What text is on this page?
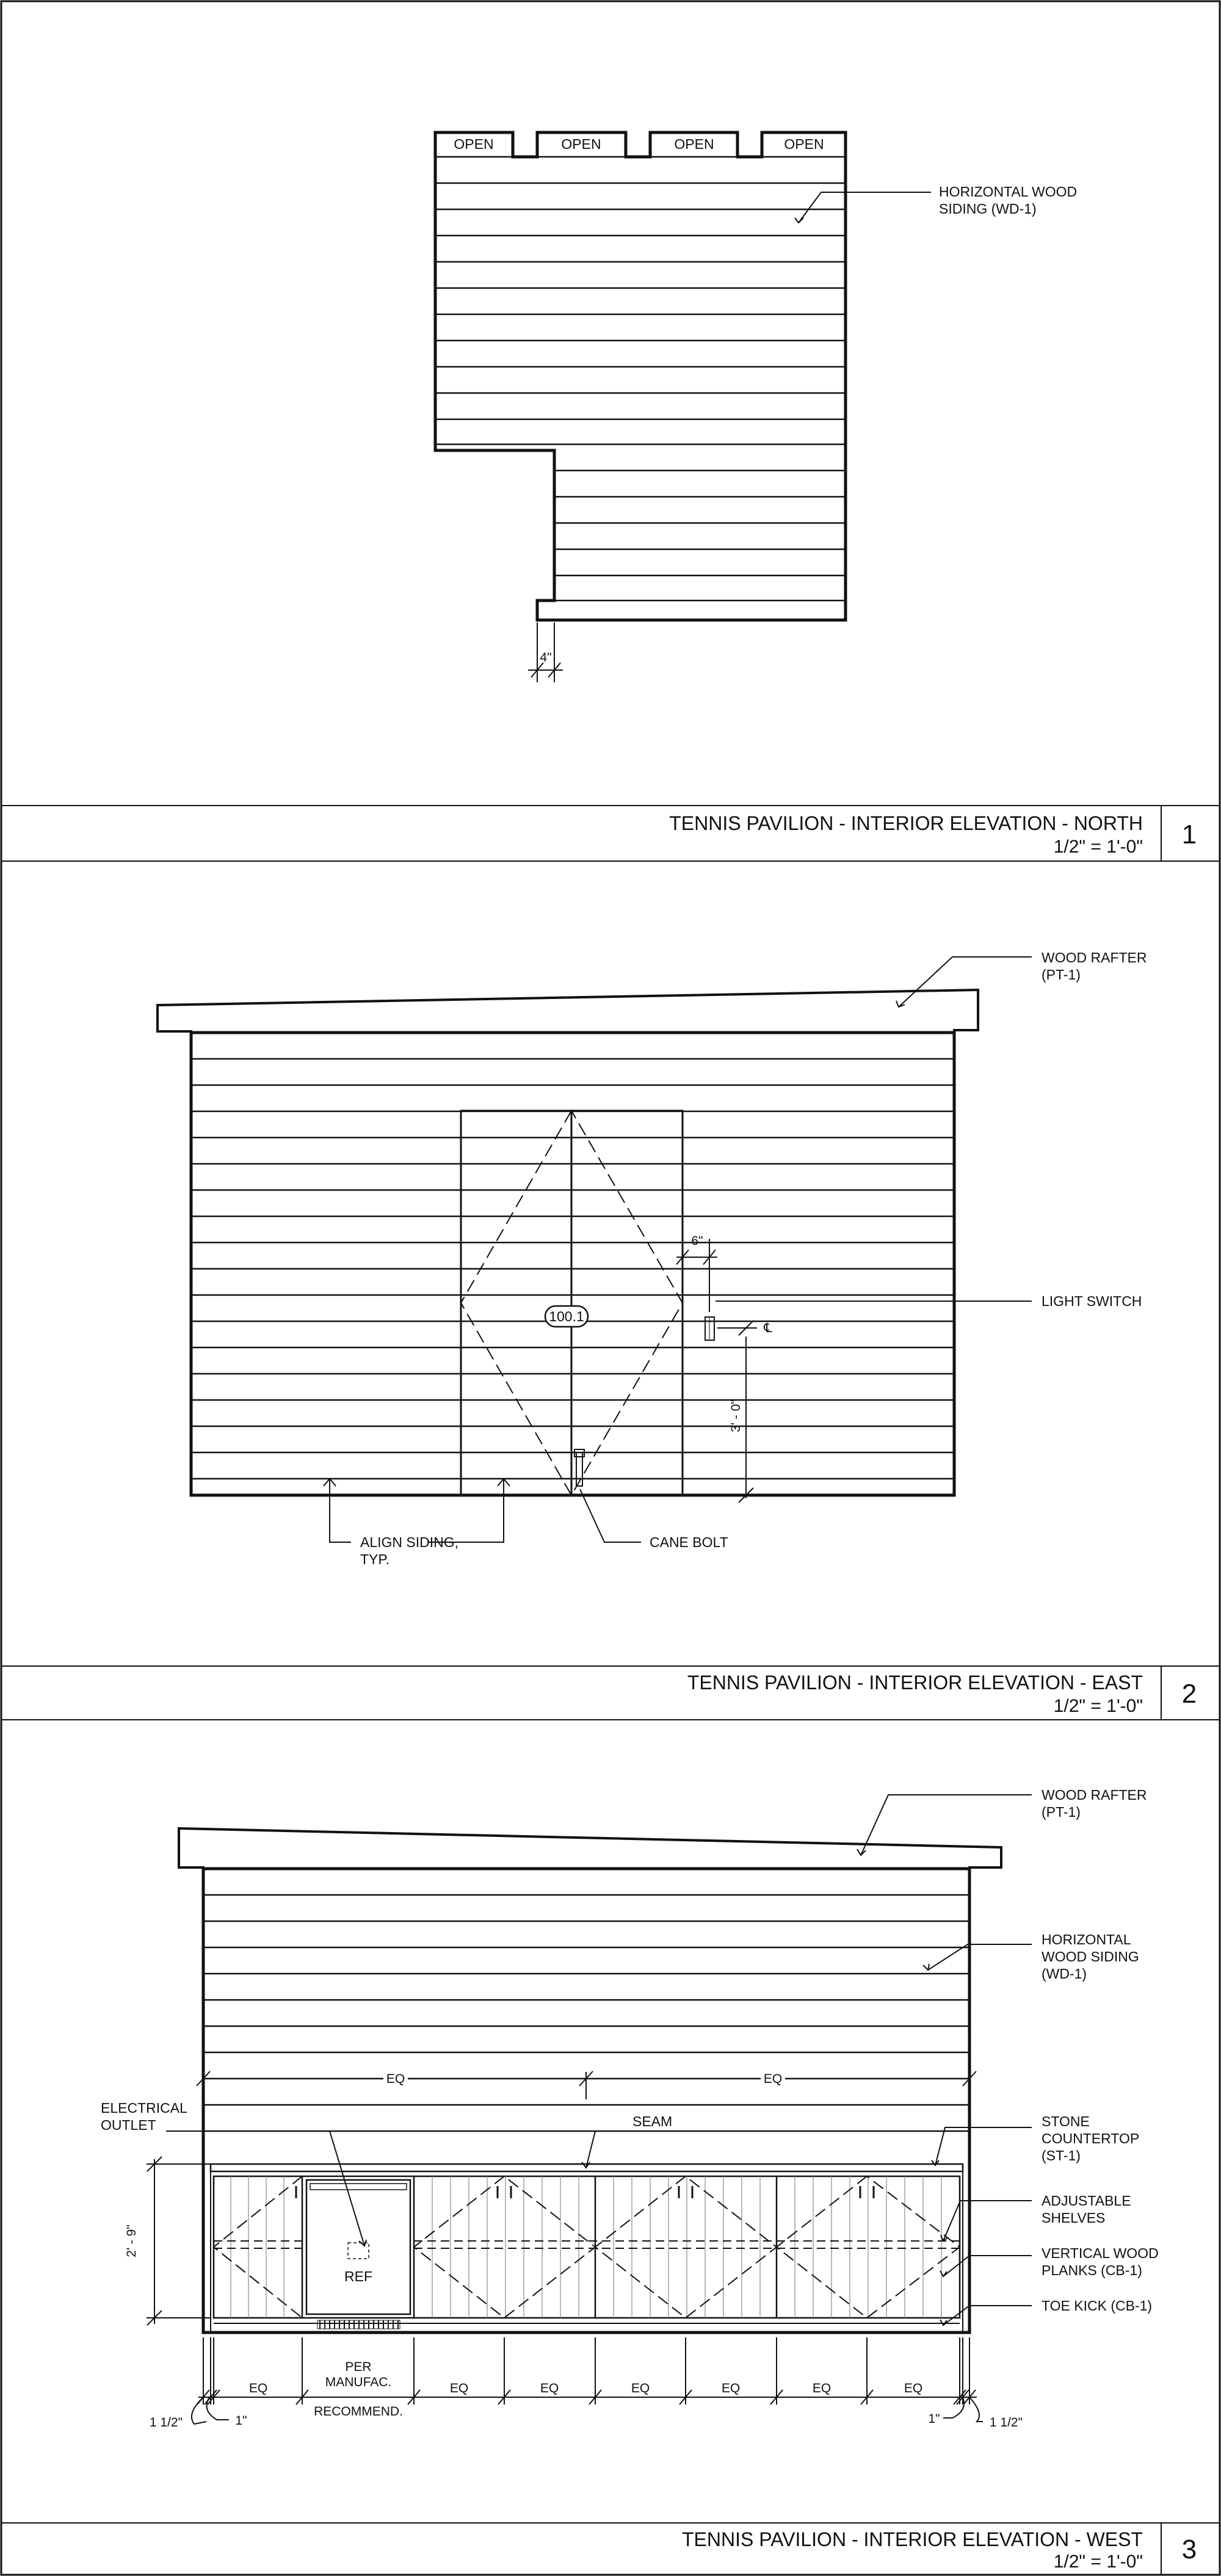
OPEN	OPEN	OPEN	OPEN
HORIZONTAL WOOD
SIDING (WD-1)
4"
TENNIS PAVILION - INTERIOR ELEVATION - NORTH
1/2" = 1'-0" 1
100.1
6"
3' - 0"
℄
WOOD RAFTER
(PT-1)
LIGHT SWITCH
ALIGN SIDING,
TYP.
CANE BOLT
TENNIS PAVILION - INTERIOR ELEVATION - EAST
1/2" = 1'-0" 2
EQ	EQ
REF
2' - 9"
EQ
PER
MANUFAC.
RECOMMEND.
EQ	EQ	EQ	EQ	EQ	EQ
1 1/2"	1"	1"	1 1/2"
WOOD RAFTER
(PT-1)
HORIZONTAL
WOOD SIDING
(WD-1)
ELECTRICAL
OUTLET	SEAM	STONE
COUNTERTOP
(ST-1)
ADJUSTABLE
SHELVES
VERTICAL WOOD
PLANKS (CB-1)
TOE KICK (CB-1)
TENNIS PAVILION - INTERIOR ELEVATION - WEST
1/2" = 1'-0" 3
